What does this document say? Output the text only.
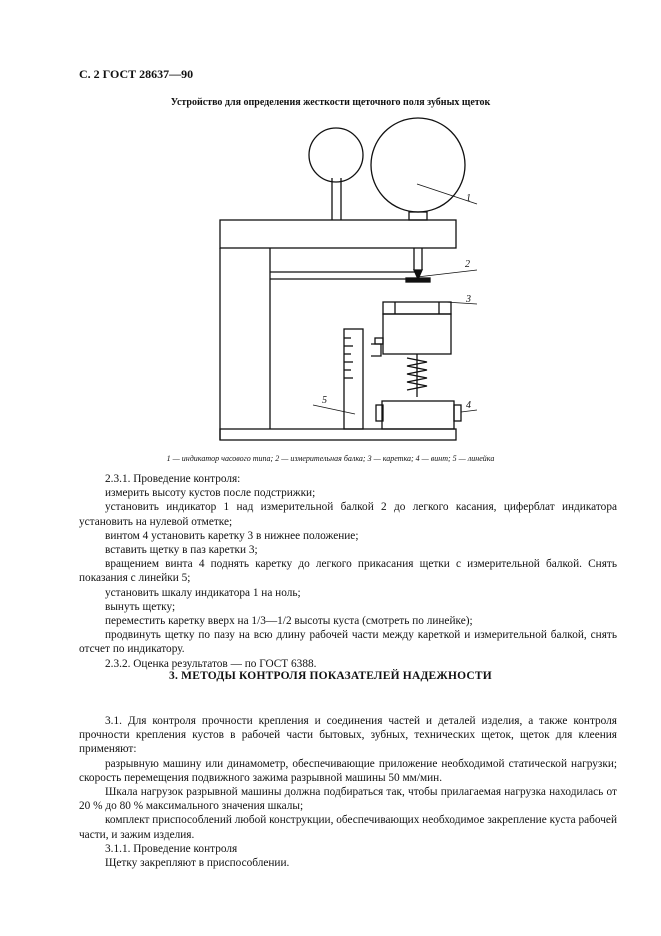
С. 2 ГОСТ 28637—90
Устройство для определения жесткости щеточного поля зубных щеток
1
2
3
4
5
1 — индикатор часового типа; 2 — измерительная балка; 3 — каретка; 4 — винт; 5 — линейка

2.3.1. Проведение контроля:

измерить высоту кустов после подстрижки;

установить индикатор 1 над измерительной балкой 2 до легкого касания, циферблат индикатора установить на нулевой отметке;

винтом 4 установить каретку 3 в нижнее положение;

вставить щетку в паз каретки 3;

вращением винта 4 поднять каретку до легкого прикасания щетки с измерительной балкой. Снять показания с линейки 5;

установить шкалу индикатора 1 на ноль;

вынуть щетку;

переместить каретку вверх на 1/3—1/2 высоты куста (смотреть по линейке);

продвинуть щетку по пазу на всю длину рабочей части между кареткой и измерительной балкой, снять отсчет по индикатору.

2.3.2. Оценка результатов — по ГОСТ 6388.

3. МЕТОДЫ КОНТРОЛЯ ПОКАЗАТЕЛЕЙ НАДЕЖНОСТИ

3.1. Для контроля прочности крепления и соединения частей и деталей изделия, а также контроля прочности крепления кустов в рабочей части бытовых, зубных, технических щеток, щеток для клеения применяют:

разрывную машину или динамометр, обеспечивающие приложение необходимой статической нагрузки; скорость перемещения подвижного зажима разрывной машины 50 мм/мин.

Шкала нагрузок разрывной машины должна подбираться так, чтобы прилагаемая нагрузка находилась от 20 % до 80 % максимального значения шкалы;

комплект приспособлений любой конструкции, обеспечивающих необходимое закрепление куста рабочей части, и зажим изделия.

3.1.1. Проведение контроля

Щетку закрепляют в приспособлении.
